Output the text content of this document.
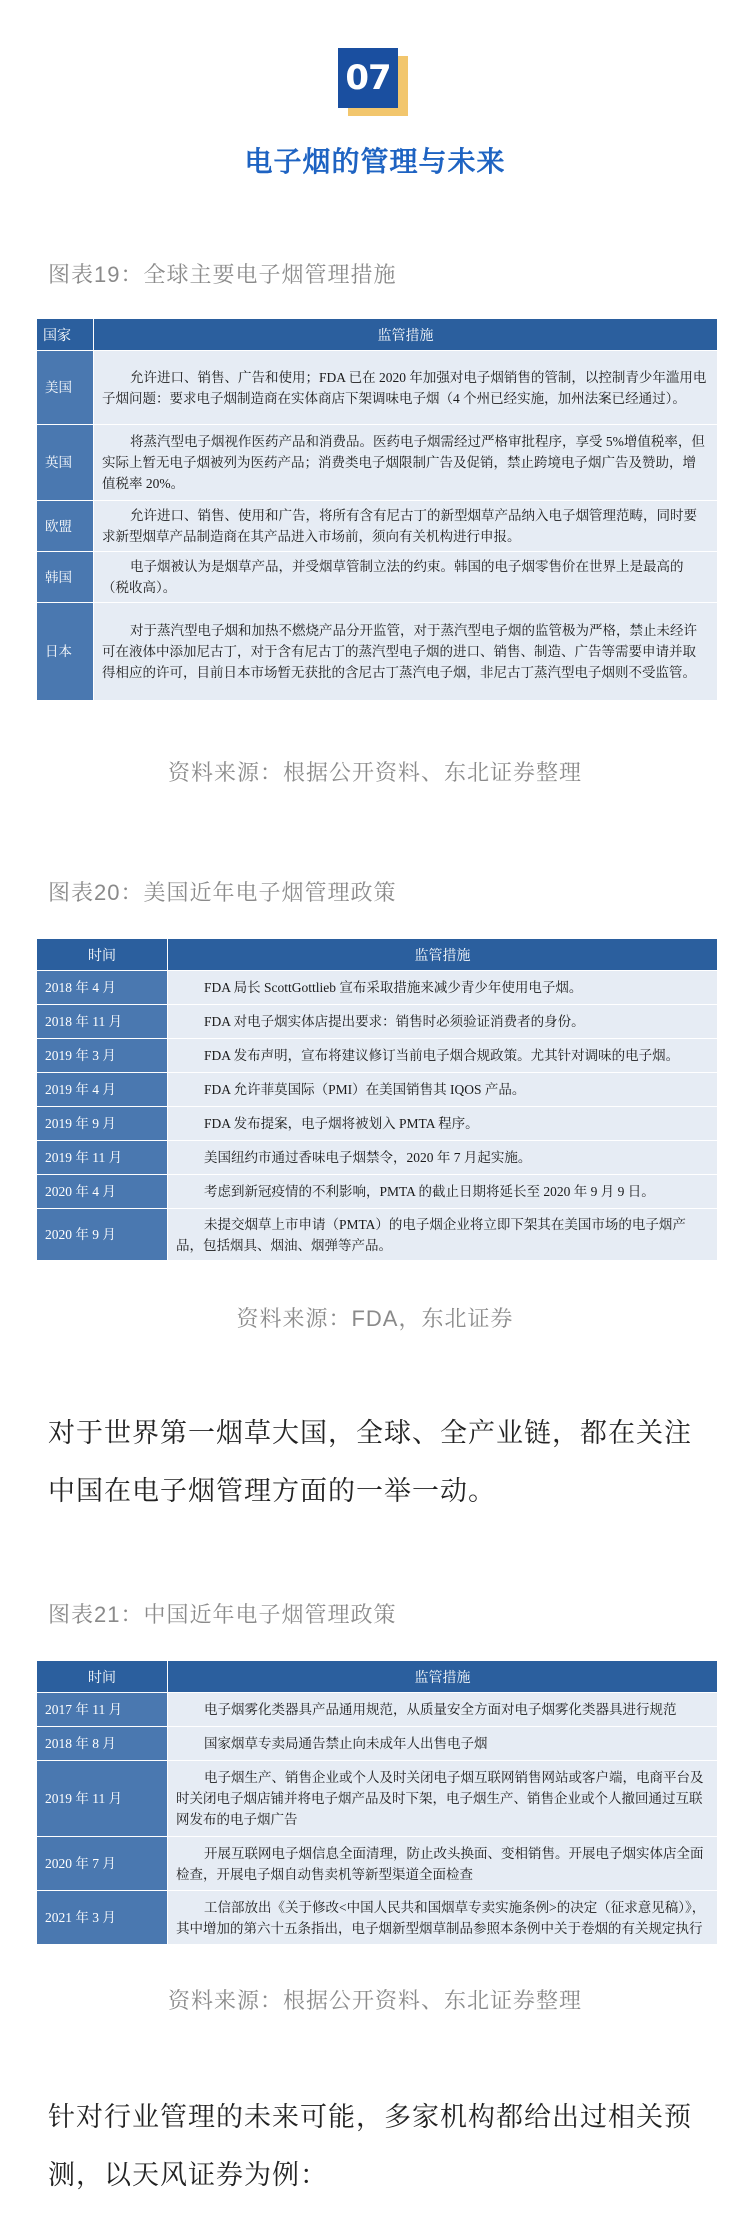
07
电子烟的管理与未来
图表19：全球主要电子烟管理措施
国家	监管措施
美国	允许进口、销售、广告和使用；FDA 已在 2020 年加强对电子烟销售的管制，以控制青少年滥用电子烟问题：要求电子烟制造商在实体商店下架调味电子烟（4 个州已经实施，加州法案已经通过）。

英国	将蒸汽型电子烟视作医药产品和消费品。医药电子烟需经过严格审批程序，享受 5%增值税率，但实际上暂无电子烟被列为医药产品；消费类电子烟限制广告及促销，禁止跨境电子烟广告及赞助，增值税率 20%。

欧盟	允许进口、销售、使用和广告，将所有含有尼古丁的新型烟草产品纳入电子烟管理范畴，同时要求新型烟草产品制造商在其产品进入市场前，须向有关机构进行申报。

韩国	电子烟被认为是烟草产品，并受烟草管制立法的约束。韩国的电子烟零售价在世界上是最高的（税收高）。

日本	对于蒸汽型电子烟和加热不燃烧产品分开监管，对于蒸汽型电子烟的监管极为严格，禁止未经许可在液体中添加尼古丁，对于含有尼古丁的蒸汽型电子烟的进口、销售、制造、广告等需要申请并取得相应的许可，目前日本市场暂无获批的含尼古丁蒸汽电子烟，非尼古丁蒸汽型电子烟则不受监管。
资料来源：根据公开资料、东北证券整理
图表20：美国近年电子烟管理政策
时间	监管措施
2018 年 4 月	FDA 局长 ScottGottlieb 宣布采取措施来减少青少年使用电子烟。

2018 年 11 月	FDA 对电子烟实体店提出要求：销售时必须验证消费者的身份。

2019 年 3 月	FDA 发布声明，宣布将建议修订当前电子烟合规政策。尤其针对调味的电子烟。

2019 年 4 月	FDA 允许菲莫国际（PMI）在美国销售其 IQOS 产品。

2019 年 9 月	FDA 发布提案，电子烟将被划入 PMTA 程序。

2019 年 11 月	美国纽约市通过香味电子烟禁令，2020 年 7 月起实施。

2020 年 4 月	考虑到新冠疫情的不利影响，PMTA 的截止日期将延长至 2020 年 9 月 9 日。

2020 年 9 月	未提交烟草上市申请（PMTA）的电子烟企业将立即下架其在美国市场的电子烟产品，包括烟具、烟油、烟弹等产品。
资料来源：FDA，东北证券
对于世界第一烟草大国，全球、全产业链，都在关注中国在电子烟管理方面的一举一动。
图表21：中国近年电子烟管理政策
时间	监管措施
2017 年 11 月	电子烟雾化类器具产品通用规范，从质量安全方面对电子烟雾化类器具进行规范

2018 年 8 月	国家烟草专卖局通告禁止向未成年人出售电子烟

2019 年 11 月	电子烟生产、销售企业或个人及时关闭电子烟互联网销售网站或客户端，电商平台及时关闭电子烟店铺并将电子烟产品及时下架，电子烟生产、销售企业或个人撤回通过互联网发布的电子烟广告

2020 年 7 月	开展互联网电子烟信息全面清理，防止改头换面、变相销售。开展电子烟实体店全面检查，开展电子烟自动售卖机等新型渠道全面检查

2021 年 3 月	工信部放出《关于修改<中国人民共和国烟草专卖实施条例>的决定（征求意见稿）》，其中增加的第六十五条指出，电子烟新型烟草制品参照本条例中关于卷烟的有关规定执行
资料来源：根据公开资料、东北证券整理
针对行业管理的未来可能，多家机构都给出过相关预测，以天风证券为例：
